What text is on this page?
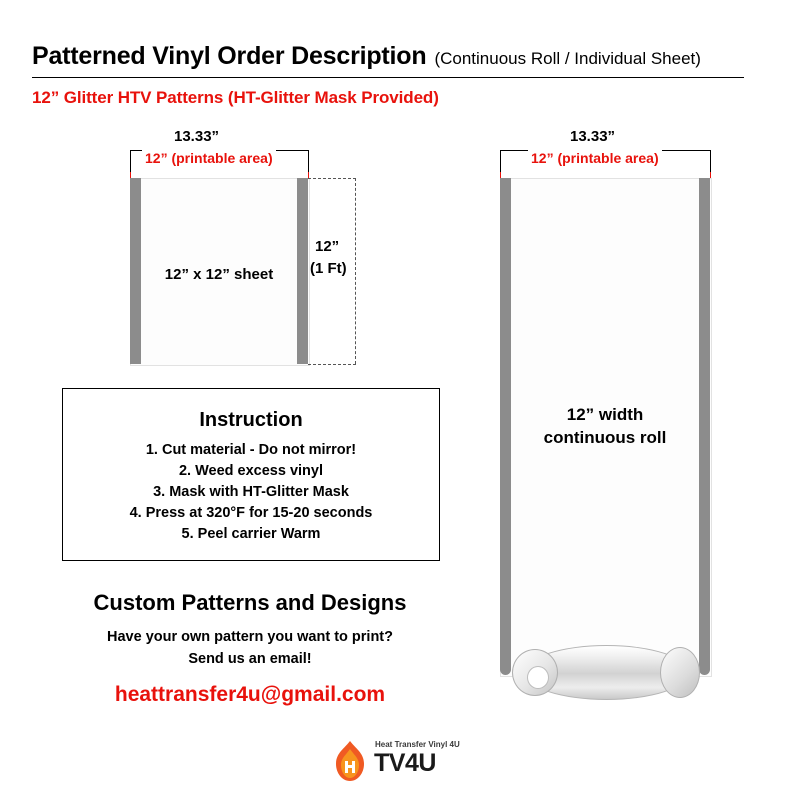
Patterned Vinyl Order Description (Continuous Roll / Individual Sheet)
12” Glitter HTV Patterns (HT-Glitter Mask Provided)
13.33”
12” (printable area)
12”
(1 Ft)
12” x 12” sheet
Instruction
1. Cut material - Do not mirror!
2. Weed excess vinyl
3. Mask with HT-Glitter Mask
4. Press at 320°F for 15-20 seconds
5. Peel carrier Warm
Custom Patterns and Designs
Have your own pattern you want to print?
Send us an email!
heattransfer4u@gmail.com
13.33”
12” (printable area)
12” width
continuous roll
Heat Transfer Vinyl 4U
TV4U
